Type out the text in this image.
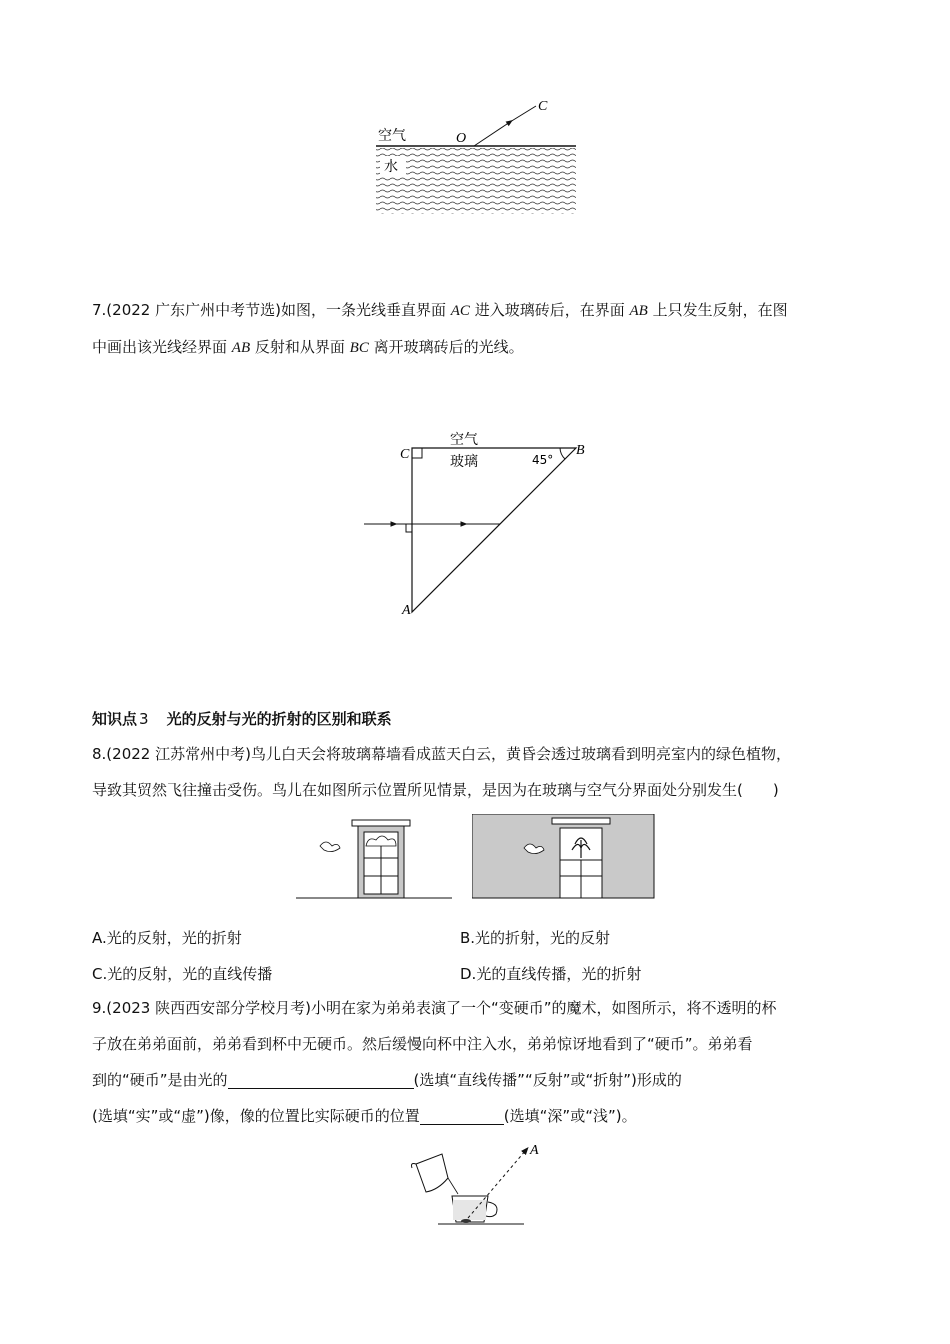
空气
水
O
C
7.(2022 广东广州中考节选)如图，一条光线垂直界面 AC 进入玻璃砖后，在界面 AB 上只发生反射，在图
中画出该光线经界面 AB 反射和从界面 BC 离开玻璃砖后的光线。
空气
玻璃	45°
C	B
A
知识点 3 光的反射与光的折射的区别和联系
8.(2022 江苏常州中考)鸟儿白天会将玻璃幕墙看成蓝天白云，黄昏会透过玻璃看到明亮室内的绿色植物，
导致其贸然飞往撞击受伤。鸟儿在如图所示位置所见情景，是因为在玻璃与空气分界面处分别发生(　　)
A.光的反射，光的折射	B.光的折射，光的反射
C.光的反射，光的直线传播	D.光的直线传播，光的折射
9.(2023 陕西西安部分学校月考)小明在家为弟弟表演了一个“变硬币”的魔术，如图所示，将不透明的杯
子放在弟弟面前，弟弟看到杯中无硬币。然后缓慢向杯中注入水，弟弟惊讶地看到了“硬币”。弟弟看
到的“硬币”是由光的	(选填“直线传播”“反射”或“折射”)形成的
(选填“实”或“虚”)像，像的位置比实际硬币的位置	(选填“深”或“浅”)。
A
